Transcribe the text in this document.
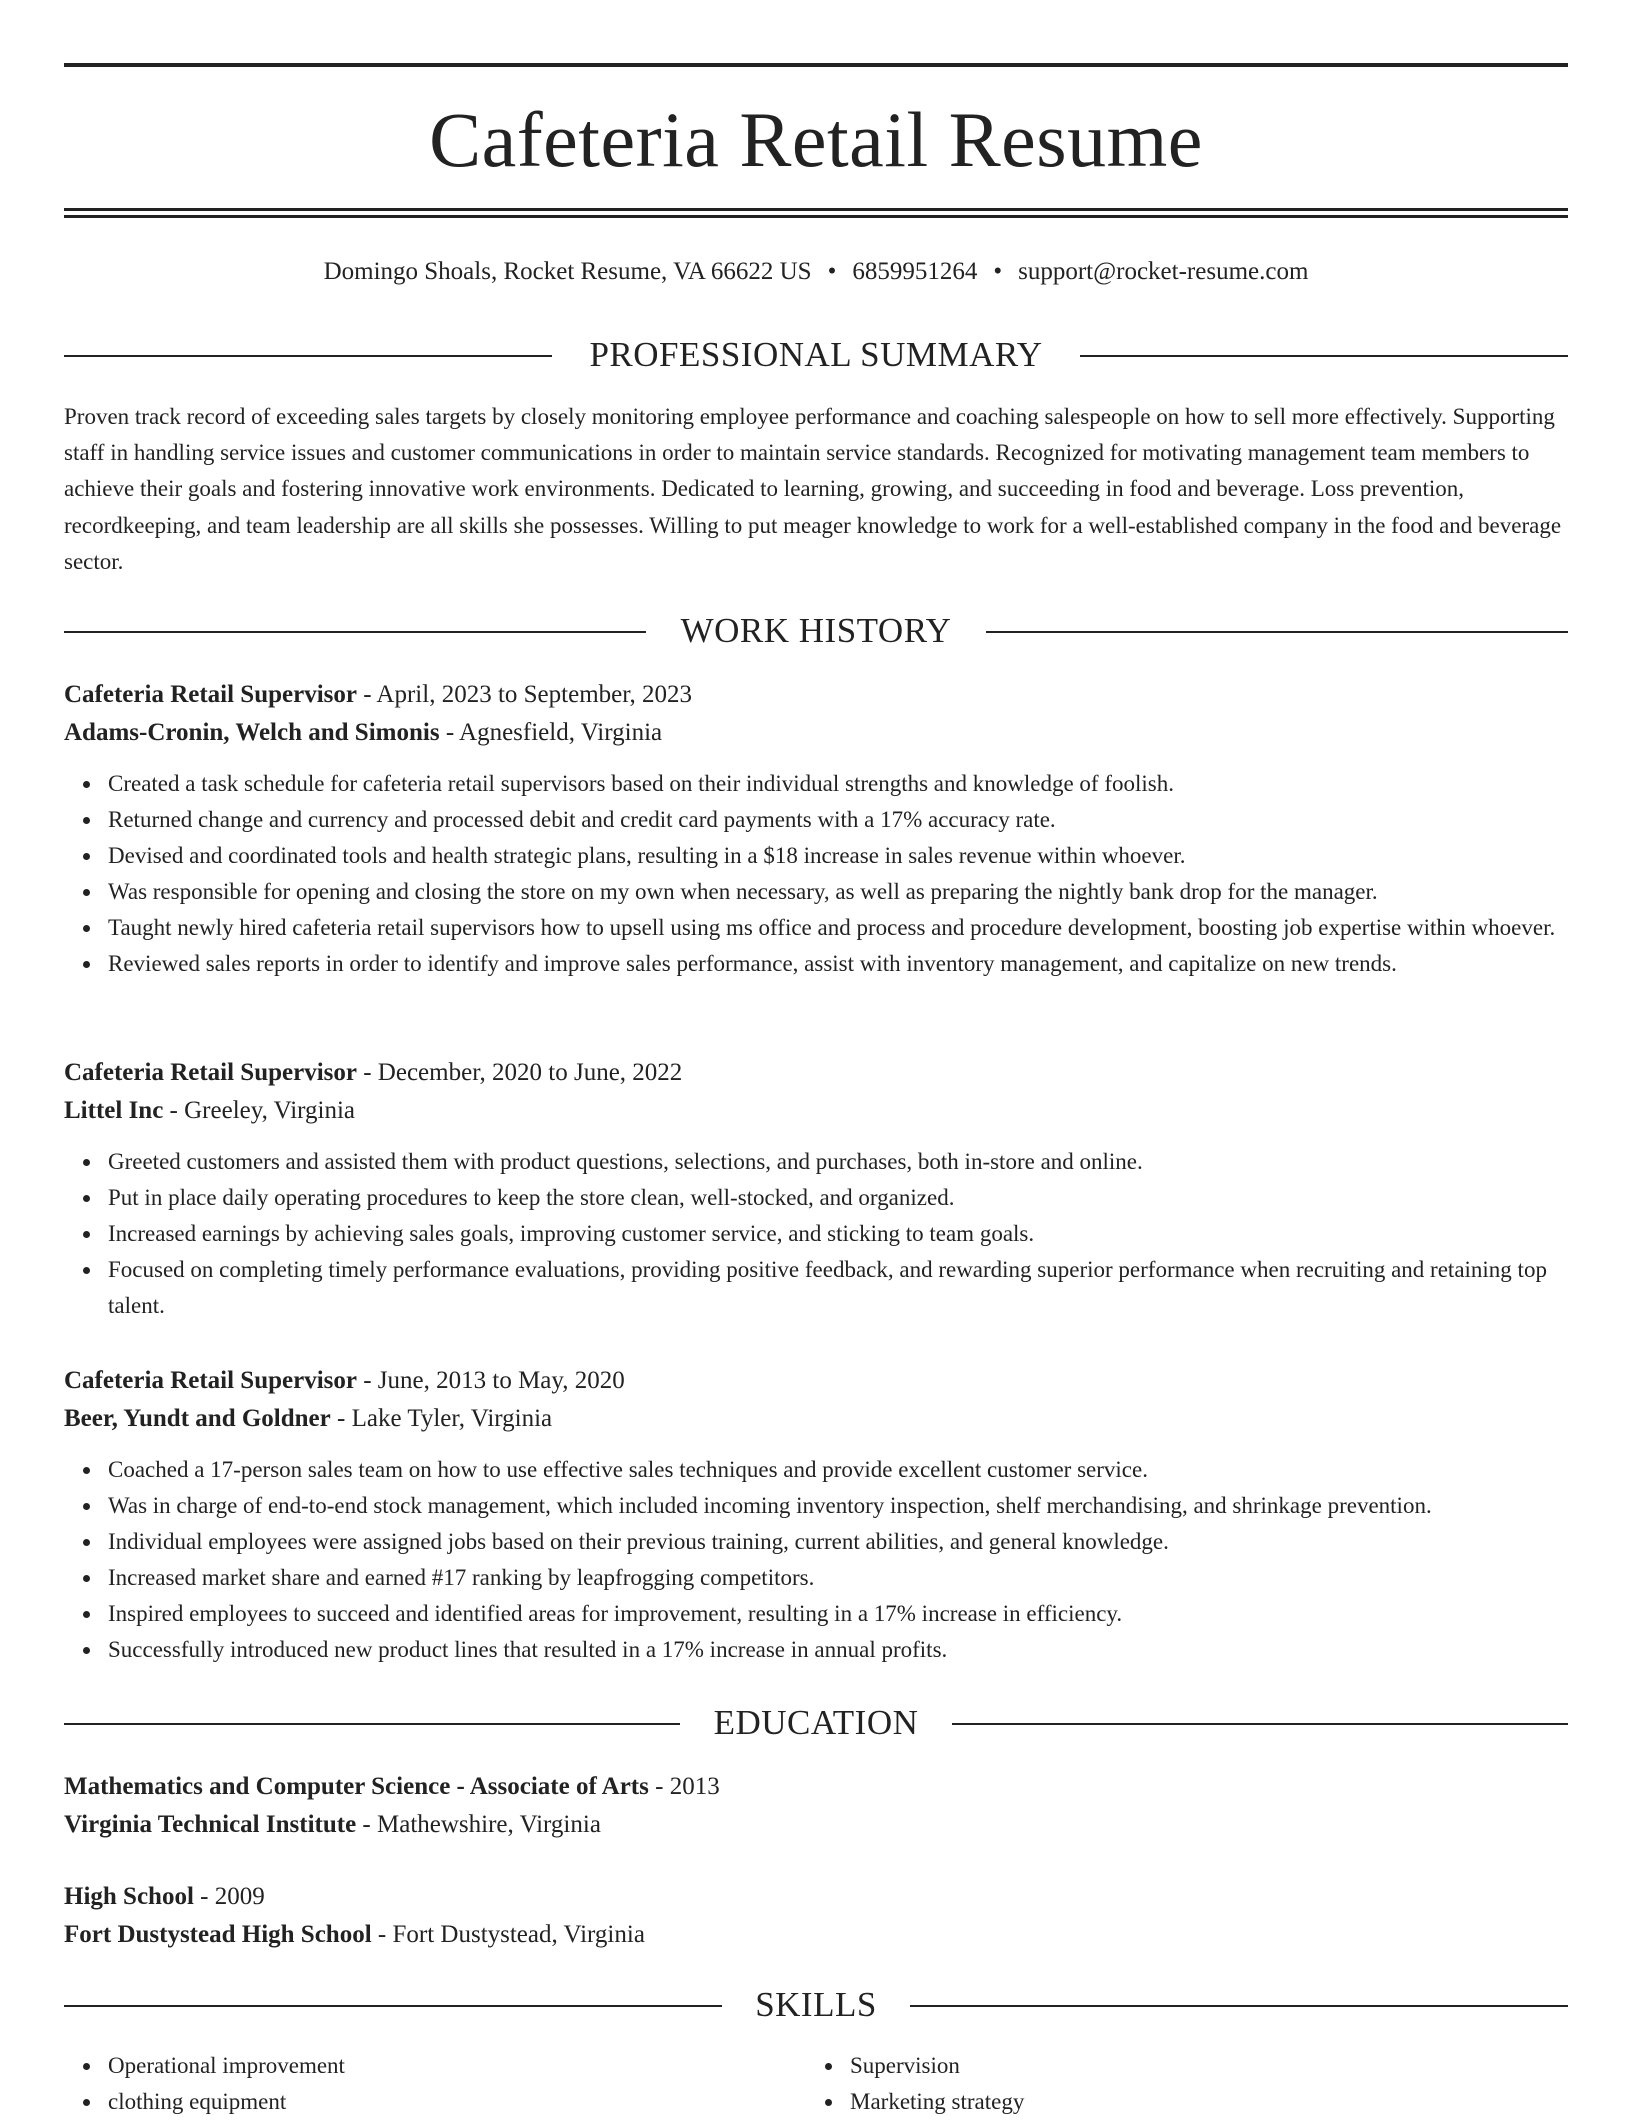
Cafeteria Retail Resume
Domingo Shoals, Rocket Resume, VA 66622 US • 6859951264 • support@rocket-resume.com
PROFESSIONAL SUMMARY

Proven track record of exceeding sales targets by closely monitoring employee performance and coaching salespeople on how to sell more effectively. Supporting staff in handling service issues and customer communications in order to maintain service standards. Recognized for motivating management team members to achieve their goals and fostering innovative work environments. Dedicated to learning, growing, and succeeding in food and beverage. Loss prevention, recordkeeping, and team leadership are all skills she possesses. Willing to put meager knowledge to work for a well-established company in the food and beverage sector.

WORK HISTORY
Cafeteria Retail Supervisor - April, 2023 to September, 2023
Adams-Cronin, Welch and Simonis - Agnesfield, Virginia
Created a task schedule for cafeteria retail supervisors based on their individual strengths and knowledge of foolish.
Returned change and currency and processed debit and credit card payments with a 17% accuracy rate.
Devised and coordinated tools and health strategic plans, resulting in a $18 increase in sales revenue within whoever.
Was responsible for opening and closing the store on my own when necessary, as well as preparing the nightly bank drop for the manager.
Taught newly hired cafeteria retail supervisors how to upsell using ms office and process and procedure development, boosting job expertise within whoever.
Reviewed sales reports in order to identify and improve sales performance, assist with inventory management, and capitalize on new trends.
Cafeteria Retail Supervisor - December, 2020 to June, 2022
Littel Inc - Greeley, Virginia
Greeted customers and assisted them with product questions, selections, and purchases, both in-store and online.
Put in place daily operating procedures to keep the store clean, well-stocked, and organized.
Increased earnings by achieving sales goals, improving customer service, and sticking to team goals.
Focused on completing timely performance evaluations, providing positive feedback, and rewarding superior performance when recruiting and retaining top talent.
Cafeteria Retail Supervisor - June, 2013 to May, 2020
Beer, Yundt and Goldner - Lake Tyler, Virginia
Coached a 17-person sales team on how to use effective sales techniques and provide excellent customer service.
Was in charge of end-to-end stock management, which included incoming inventory inspection, shelf merchandising, and shrinkage prevention.
Individual employees were assigned jobs based on their previous training, current abilities, and general knowledge.
Increased market share and earned #17 ranking by leapfrogging competitors.
Inspired employees to succeed and identified areas for improvement, resulting in a 17% increase in efficiency.
Successfully introduced new product lines that resulted in a 17% increase in annual profits.
EDUCATION
Mathematics and Computer Science - Associate of Arts - 2013
Virginia Technical Institute - Mathewshire, Virginia
High School - 2009
Fort Dustystead High School - Fort Dustystead, Virginia
SKILLS
Operational improvement
clothing equipment
Supervision
Marketing strategy
